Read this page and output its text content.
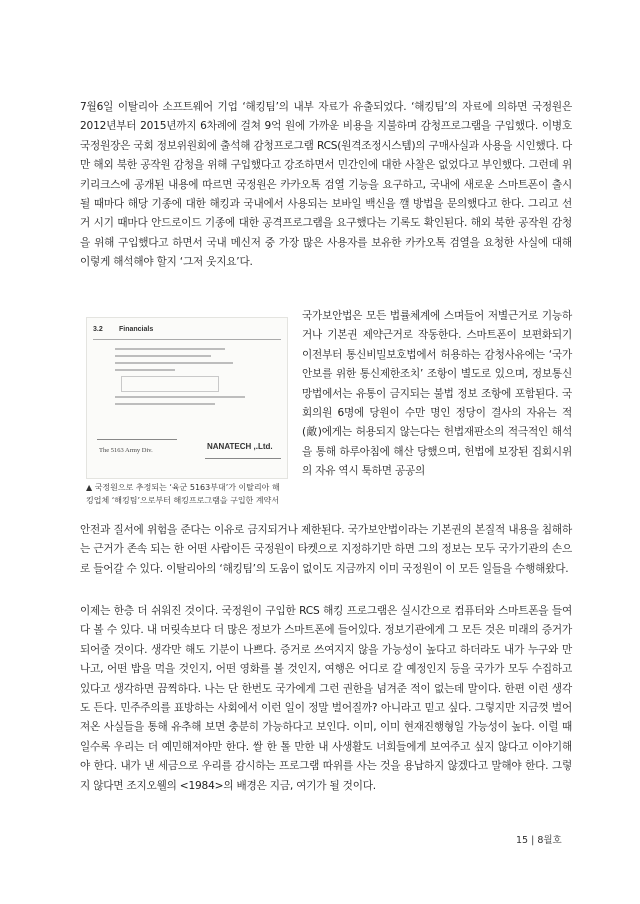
7월6일 이탈리아 소프트웨어 기업 ‘해킹팀’의 내부 자료가 유출되었다. ‘해킹팀’의 자료에 의하면 국정원은 2012년부터 2015년까지 6차례에 걸쳐 9억 원에 가까운 비용을 지불하며 감청프로그램을 구입했다. 이병호 국정원장은 국회 정보위원회에 출석해 감청프로그램 RCS(원격조정시스템)의 구매사실과 사용을 시인했다. 다만 해외 북한 공작원 감청을 위해 구입했다고 강조하면서 민간인에 대한 사찰은 없었다고 부인했다. 그런데 위키리크스에 공개된 내용에 따르면 국정원은 카카오톡 검열 기능을 요구하고, 국내에 새로운 스마트폰이 출시될 때마다 해당 기종에 대한 해킹과 국내에서 사용되는 보바일 백신을 깰 방법을 문의했다고 한다. 그리고 선거 시기 때마다 안드로이드 기종에 대한 공격프로그램을 요구했다는 기록도 확인된다. 해외 북한 공작원 감청을 위해 구입했다고 하면서 국내 메신저 중 가장 많은 사용자를 보유한 카카오톡 검열을 요청한 사실에 대해 이렇게 해석해야 할지 ‘그저 웃지요’다.

3.2 Financials
The 5163 Army Div.	NANATECH ,.Ltd.

▲ 국정원으로 추정되는 ‘육군 5163부대’가 이탈리아 해킹업체 ‘해킹팀’으로부터 해킹프로그램을 구입한 계약서

국가보안법은 모든 법률체계에 스며들어 저별근거로 기능하거나 기본권 제약근거로 작동한다. 스마트폰이 보편화되기 이전부터 통신비밀보호법에서 허용하는 감청사유에는 ‘국가안보를 위한 통신제한조치’ 조항이 별도로 있으며, 정보통신망법에서는 유통이 금지되는 불법 정보 조항에 포함된다. 국회의원 6명에 당원이 수만 명인 정당이 결사의 자유는 적(敵)에게는 허용되지 않는다는 헌법재판소의 적극적인 해석을 통해 하루아침에 해산 당했으며, 헌법에 보장된 집회시위의 자유 역시 툭하면 공공의

안전과 질서에 위험을 준다는 이유로 금지되거나 제한된다. 국가보안법이라는 기본권의 본질적 내용을 침해하는 근거가 존속 되는 한 어떤 사람이든 국정원이 타켓으로 지정하기만 하면 그의 정보는 모두 국가기관의 손으로 들어갈 수 있다. 이탈리아의 ‘해킹팀’의 도움이 없이도 지금까지 이미 국정원이 이 모든 일들을 수행해왔다.

이제는 한층 더 쉬워진 것이다. 국정원이 구입한 RCS 해킹 프로그램은 실시간으로 컴퓨터와 스마트폰을 들여다 볼 수 있다. 내 머릿속보다 더 많은 정보가 스마트폰에 들어있다. 정보기관에게 그 모든 것은 미래의 증거가 되어줄 것이다. 생각만 해도 기분이 나쁘다. 증거로 쓰여지지 않을 가능성이 높다고 하더라도 내가 누구와 만나고, 어떤 밥을 먹을 것인지, 어떤 영화를 볼 것인지, 여행은 어디로 갈 예정인지 등을 국가가 모두 수집하고 있다고 생각하면 끔찍하다. 나는 단 한번도 국가에게 그런 권한을 넘겨준 적이 없는데 말이다. 한편 이런 생각도 든다. 민주주의를 표방하는 사회에서 이런 일이 정말 벌어질까? 아니라고 믿고 싶다. 그렇지만 지금껏 벌어져온 사실들을 통해 유추해 보면 충분히 가능하다고 보인다. 이미, 이미 현재진행형일 가능성이 높다. 이럴 때일수록 우리는 더 예민해져야만 한다. 쌀 한 톨 만한 내 사생활도 너희들에게 보여주고 싶지 않다고 이야기해야 한다. 내가 낸 세금으로 우리를 감시하는 프로그램 따위를 사는 것을 용납하지 않겠다고 말해야 한다. 그렇지 않다면 조지오웰의 <1984>의 배경은 지금, 여기가 될 것이다.

15 | 8월호
